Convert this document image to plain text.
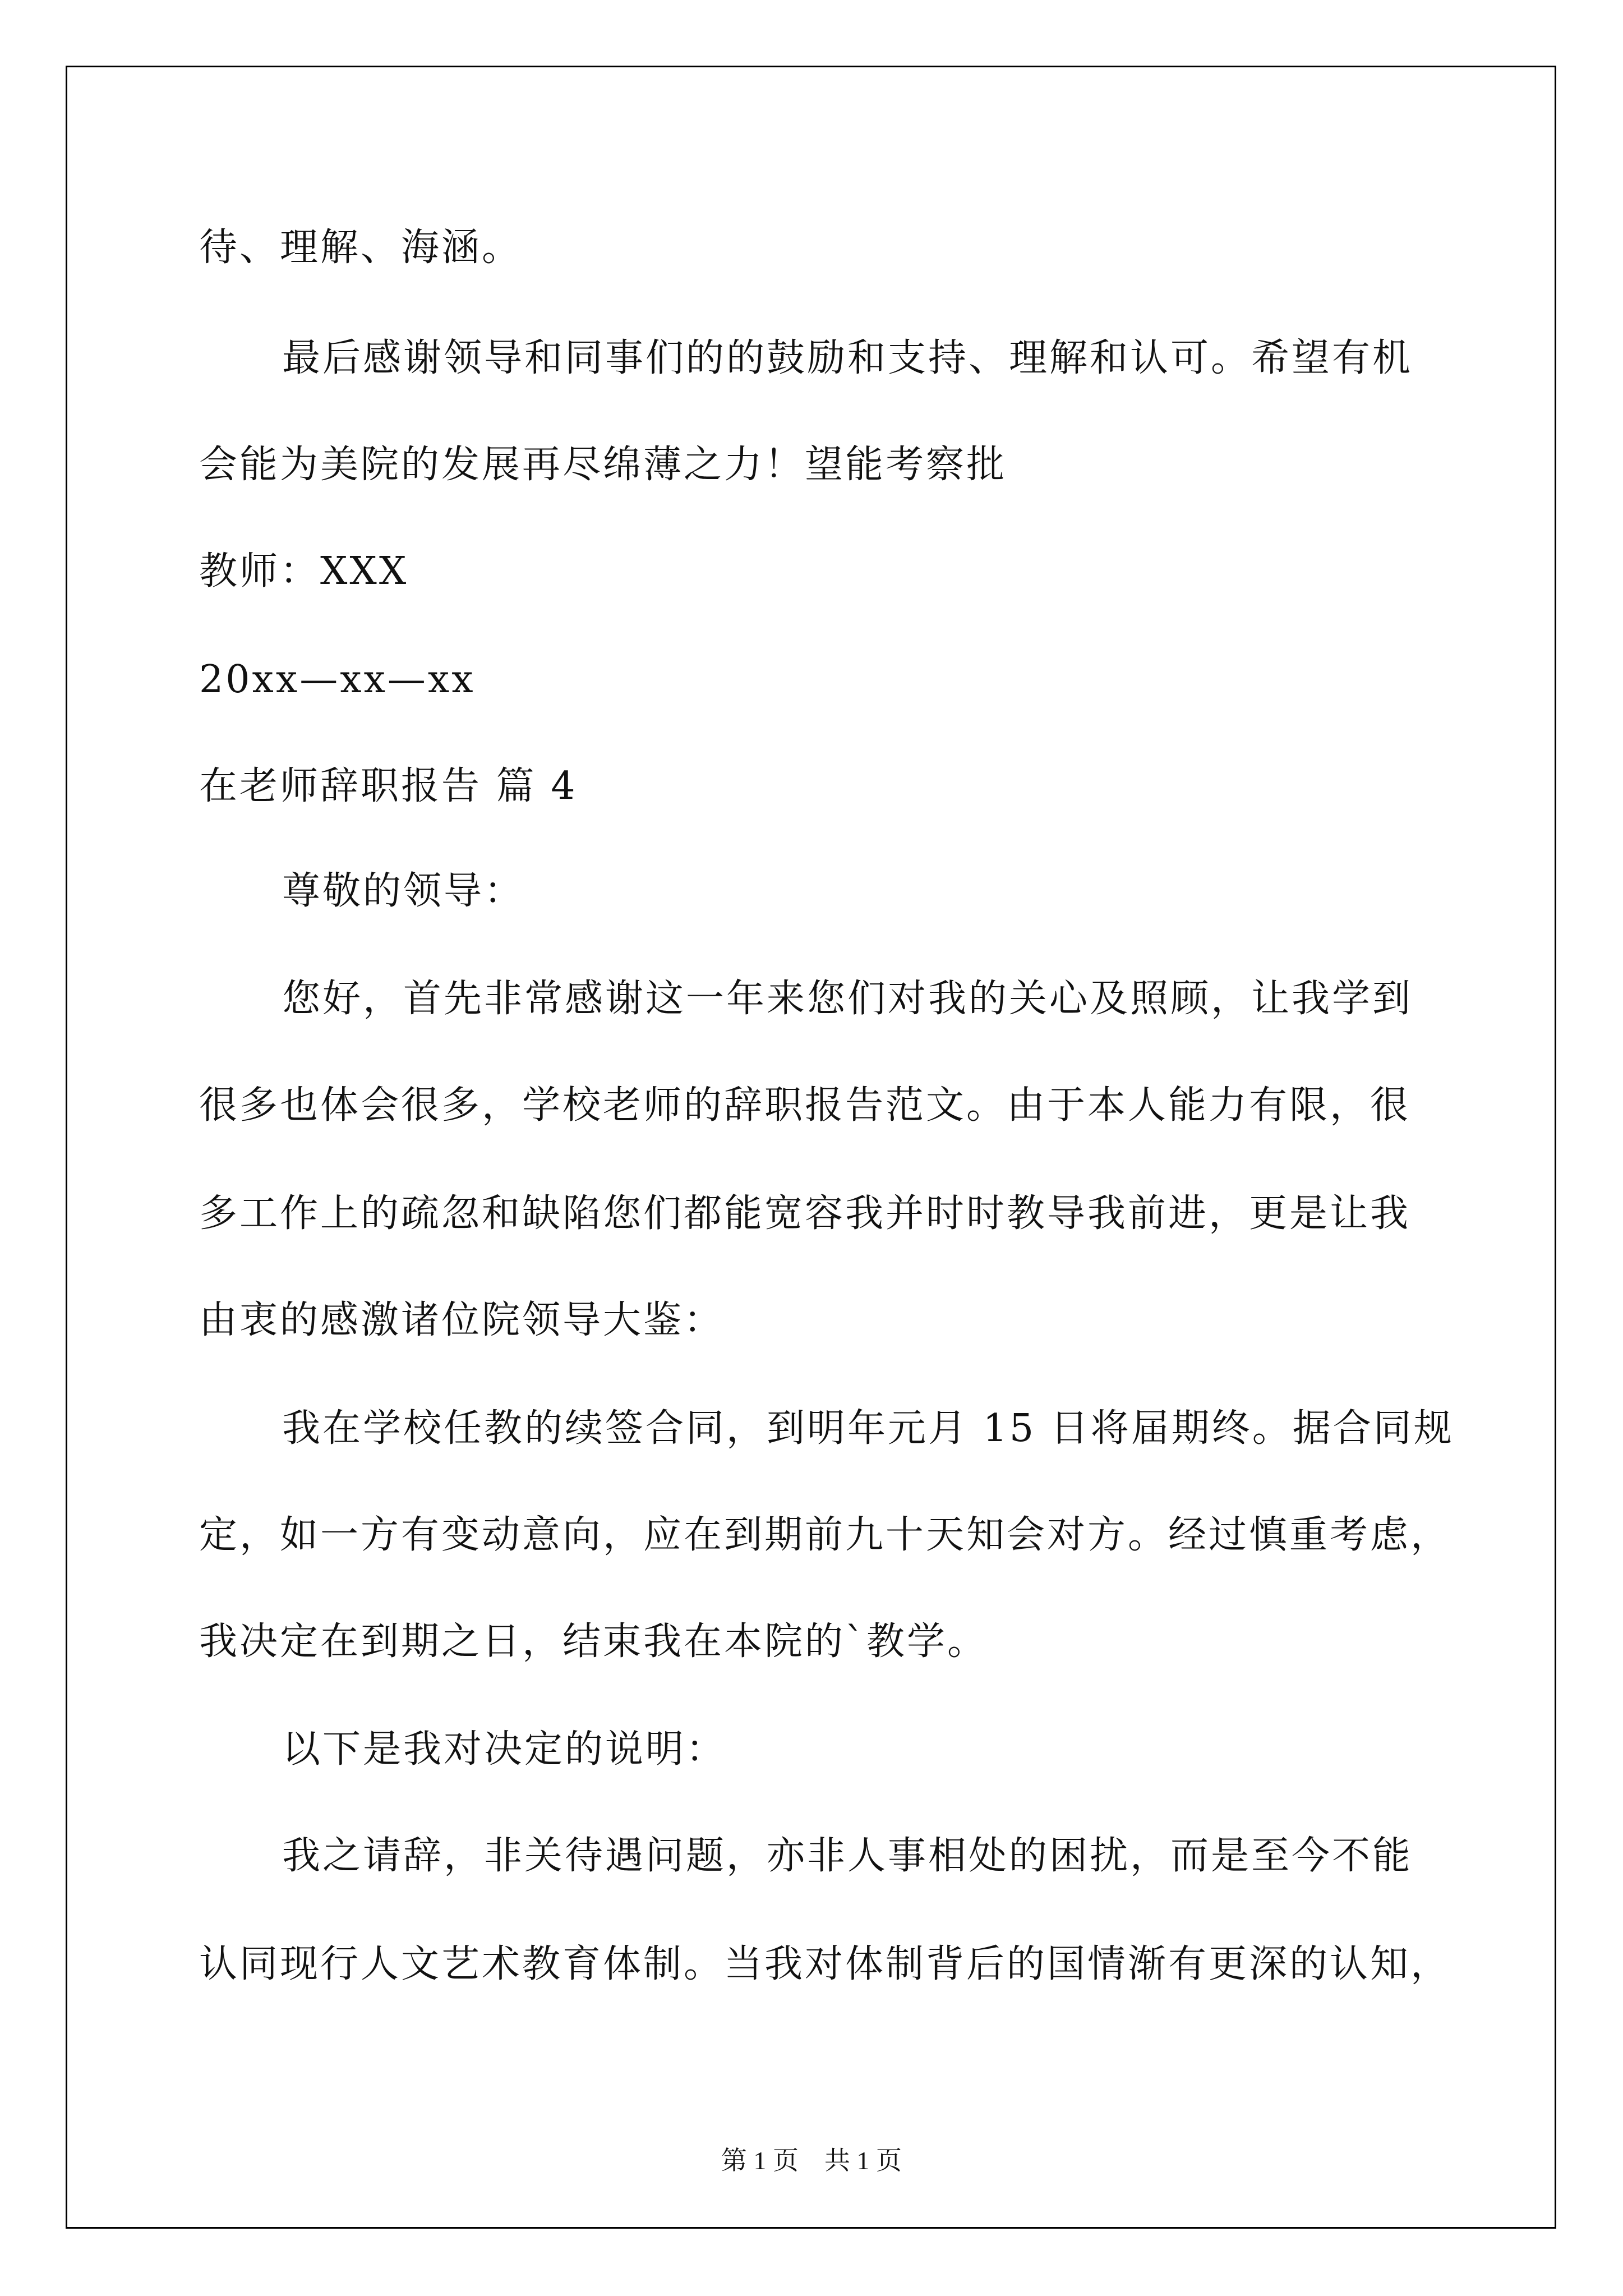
待、理解、海涵。
最后感谢领导和同事们的的鼓励和支持、理解和认可。希望有机
会能为美院的发展再尽绵薄之力！望能考察批
教师：XXX
20xx—xx—xx
在老师辞职报告 篇 4
尊敬的领导：
您好，首先非常感谢这一年来您们对我的关心及照顾，让我学到
很多也体会很多，学校老师的辞职报告范文。由于本人能力有限，很
多工作上的疏忽和缺陷您们都能宽容我并时时教导我前进，更是让我
由衷的感激诸位院领导大鉴：
我在学校任教的续签合同，到明年元月 15 日将届期终。据合同规
定，如一方有变动意向，应在到期前九十天知会对方。经过慎重考虑，
我决定在到期之日，结束我在本院的`教学。
以下是我对决定的说明：
我之请辞，非关待遇问题，亦非人事相处的困扰，而是至今不能
认同现行人文艺术教育体制。当我对体制背后的国情渐有更深的认知，
第 1 页　共 1 页
